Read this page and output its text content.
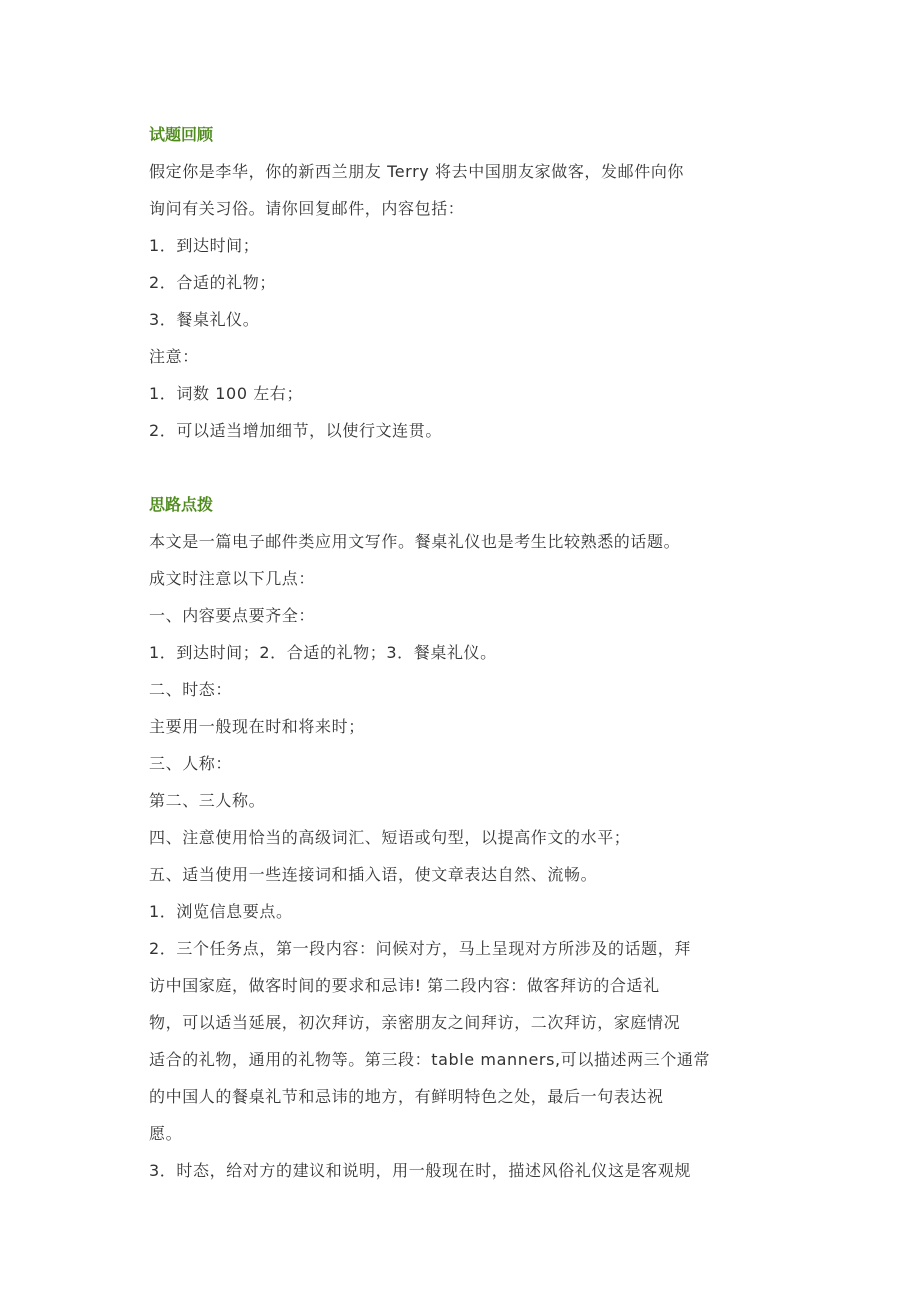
试题回顾
假定你是李华，你的新西兰朋友 Terry 将去中国朋友家做客，发邮件向你
询问有关习俗。请你回复邮件，内容包括：
1．到达时间；
2．合适的礼物；
3．餐桌礼仪。
注意：
1．词数 100 左右；
2．可以适当增加细节，以使行文连贯。
思路点拨
本文是一篇电子邮件类应用文写作。餐桌礼仪也是考生比较熟悉的话题。
成文时注意以下几点：
一、内容要点要齐全：
1．到达时间；2．合适的礼物；3．餐桌礼仪。
二、时态：
主要用一般现在时和将来时；
三、人称：
第二、三人称。
四、注意使用恰当的高级词汇、短语或句型，以提高作文的水平；
五、适当使用一些连接词和插入语，使文章表达自然、流畅。
1．浏览信息要点。
2．三个任务点，第一段内容：问候对方，马上呈现对方所涉及的话题，拜
访中国家庭，做客时间的要求和忌讳! 第二段内容：做客拜访的合适礼
物，可以适当延展，初次拜访，亲密朋友之间拜访，二次拜访，家庭情况
适合的礼物，通用的礼物等。第三段：table manners,可以描述两三个通常
的中国人的餐桌礼节和忌讳的地方，有鲜明特色之处，最后一句表达祝
愿。
3．时态，给对方的建议和说明，用一般现在时，描述风俗礼仪这是客观规
